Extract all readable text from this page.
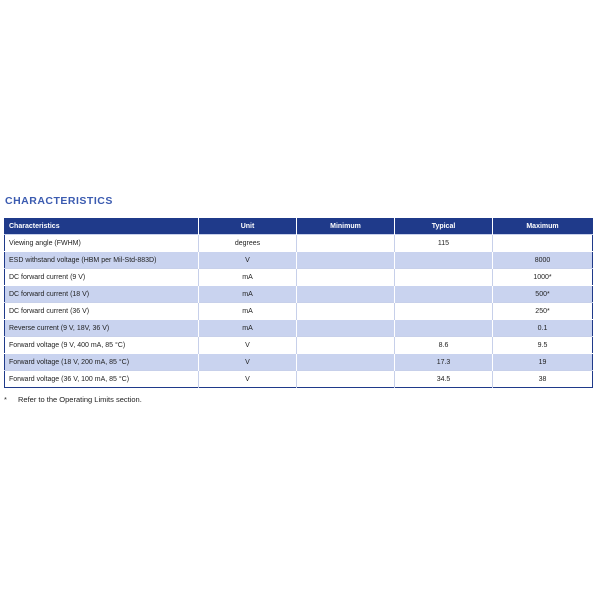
CHARACTERISTICS
Characteristics	Unit	Minimum	Typical	Maximum
Viewing angle (FWHM)	degrees		115	
ESD withstand voltage (HBM per Mil-Std-883D)	V			8000
DC forward current (9 V)	mA			1000*
DC forward current (18 V)	mA			500*
DC forward current (36 V)	mA			250*
Reverse current (9 V, 18V, 36 V)	mA			0.1
Forward voltage (9 V, 400 mA, 85 °C)	V		8.6	9.5
Forward voltage (18 V, 200 mA, 85 °C)	V		17.3	19
Forward voltage (36 V, 100 mA, 85 °C)	V		34.5	38
* Refer to the Operating Limits section.
